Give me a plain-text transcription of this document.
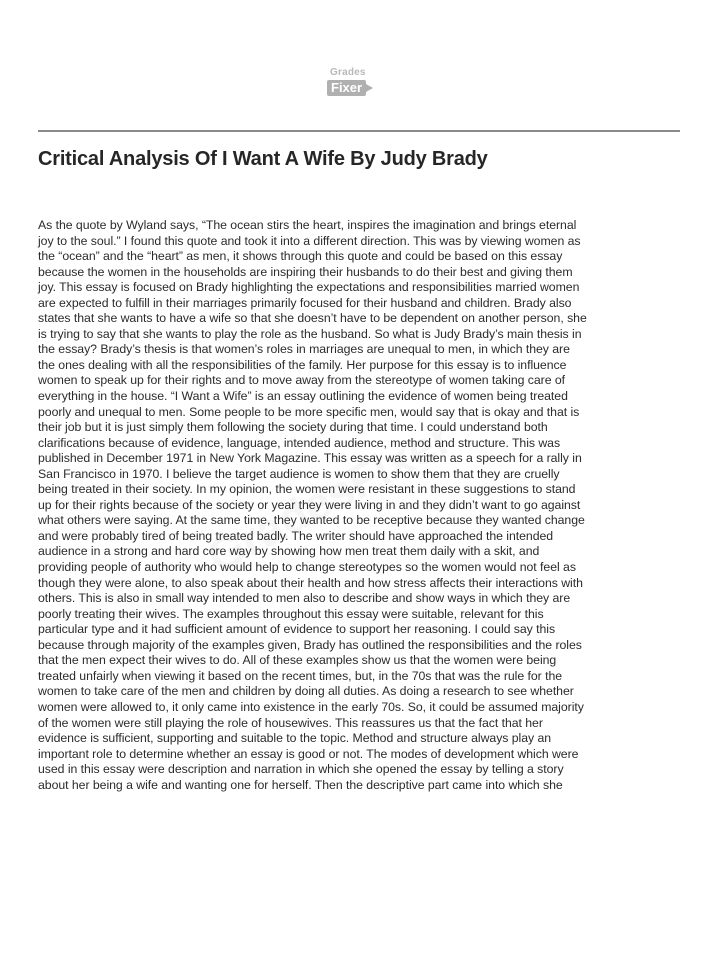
Grades
Fixer
Critical Analysis Of I Want A Wife By Judy Brady
As the quote by Wyland says, “The ocean stirs the heart, inspires the imagination and brings eternal
joy to the soul.” I found this quote and took it into a different direction. This was by viewing women as
the “ocean” and the “heart” as men, it shows through this quote and could be based on this essay
because the women in the households are inspiring their husbands to do their best and giving them
joy. This essay is focused on Brady highlighting the expectations and responsibilities married women
are expected to fulfill in their marriages primarily focused for their husband and children. Brady also
states that she wants to have a wife so that she doesn’t have to be dependent on another person, she
is trying to say that she wants to play the role as the husband. So what is Judy Brady’s main thesis in
the essay? Brady’s thesis is that women’s roles in marriages are unequal to men, in which they are
the ones dealing with all the responsibilities of the family. Her purpose for this essay is to influence
women to speak up for their rights and to move away from the stereotype of women taking care of
everything in the house. “I Want a Wife” is an essay outlining the evidence of women being treated
poorly and unequal to men. Some people to be more specific men, would say that is okay and that is
their job but it is just simply them following the society during that time. I could understand both
clarifications because of evidence, language, intended audience, method and structure. This was
published in December 1971 in New York Magazine. This essay was written as a speech for a rally in
San Francisco in 1970. I believe the target audience is women to show them that they are cruelly
being treated in their society. In my opinion, the women were resistant in these suggestions to stand
up for their rights because of the society or year they were living in and they didn’t want to go against
what others were saying. At the same time, they wanted to be receptive because they wanted change
and were probably tired of being treated badly. The writer should have approached the intended
audience in a strong and hard core way by showing how men treat them daily with a skit, and
providing people of authority who would help to change stereotypes so the women would not feel as
though they were alone, to also speak about their health and how stress affects their interactions with
others. This is also in small way intended to men also to describe and show ways in which they are
poorly treating their wives. The examples throughout this essay were suitable, relevant for this
particular type and it had sufficient amount of evidence to support her reasoning. I could say this
because through majority of the examples given, Brady has outlined the responsibilities and the roles
that the men expect their wives to do. All of these examples show us that the women were being
treated unfairly when viewing it based on the recent times, but, in the 70s that was the rule for the
women to take care of the men and children by doing all duties. As doing a research to see whether
women were allowed to, it only came into existence in the early 70s. So, it could be assumed majority
of the women were still playing the role of housewives. This reassures us that the fact that her
evidence is sufficient, supporting and suitable to the topic. Method and structure always play an
important role to determine whether an essay is good or not. The modes of development which were
used in this essay were description and narration in which she opened the essay by telling a story
about her being a wife and wanting one for herself. Then the descriptive part came into which she
